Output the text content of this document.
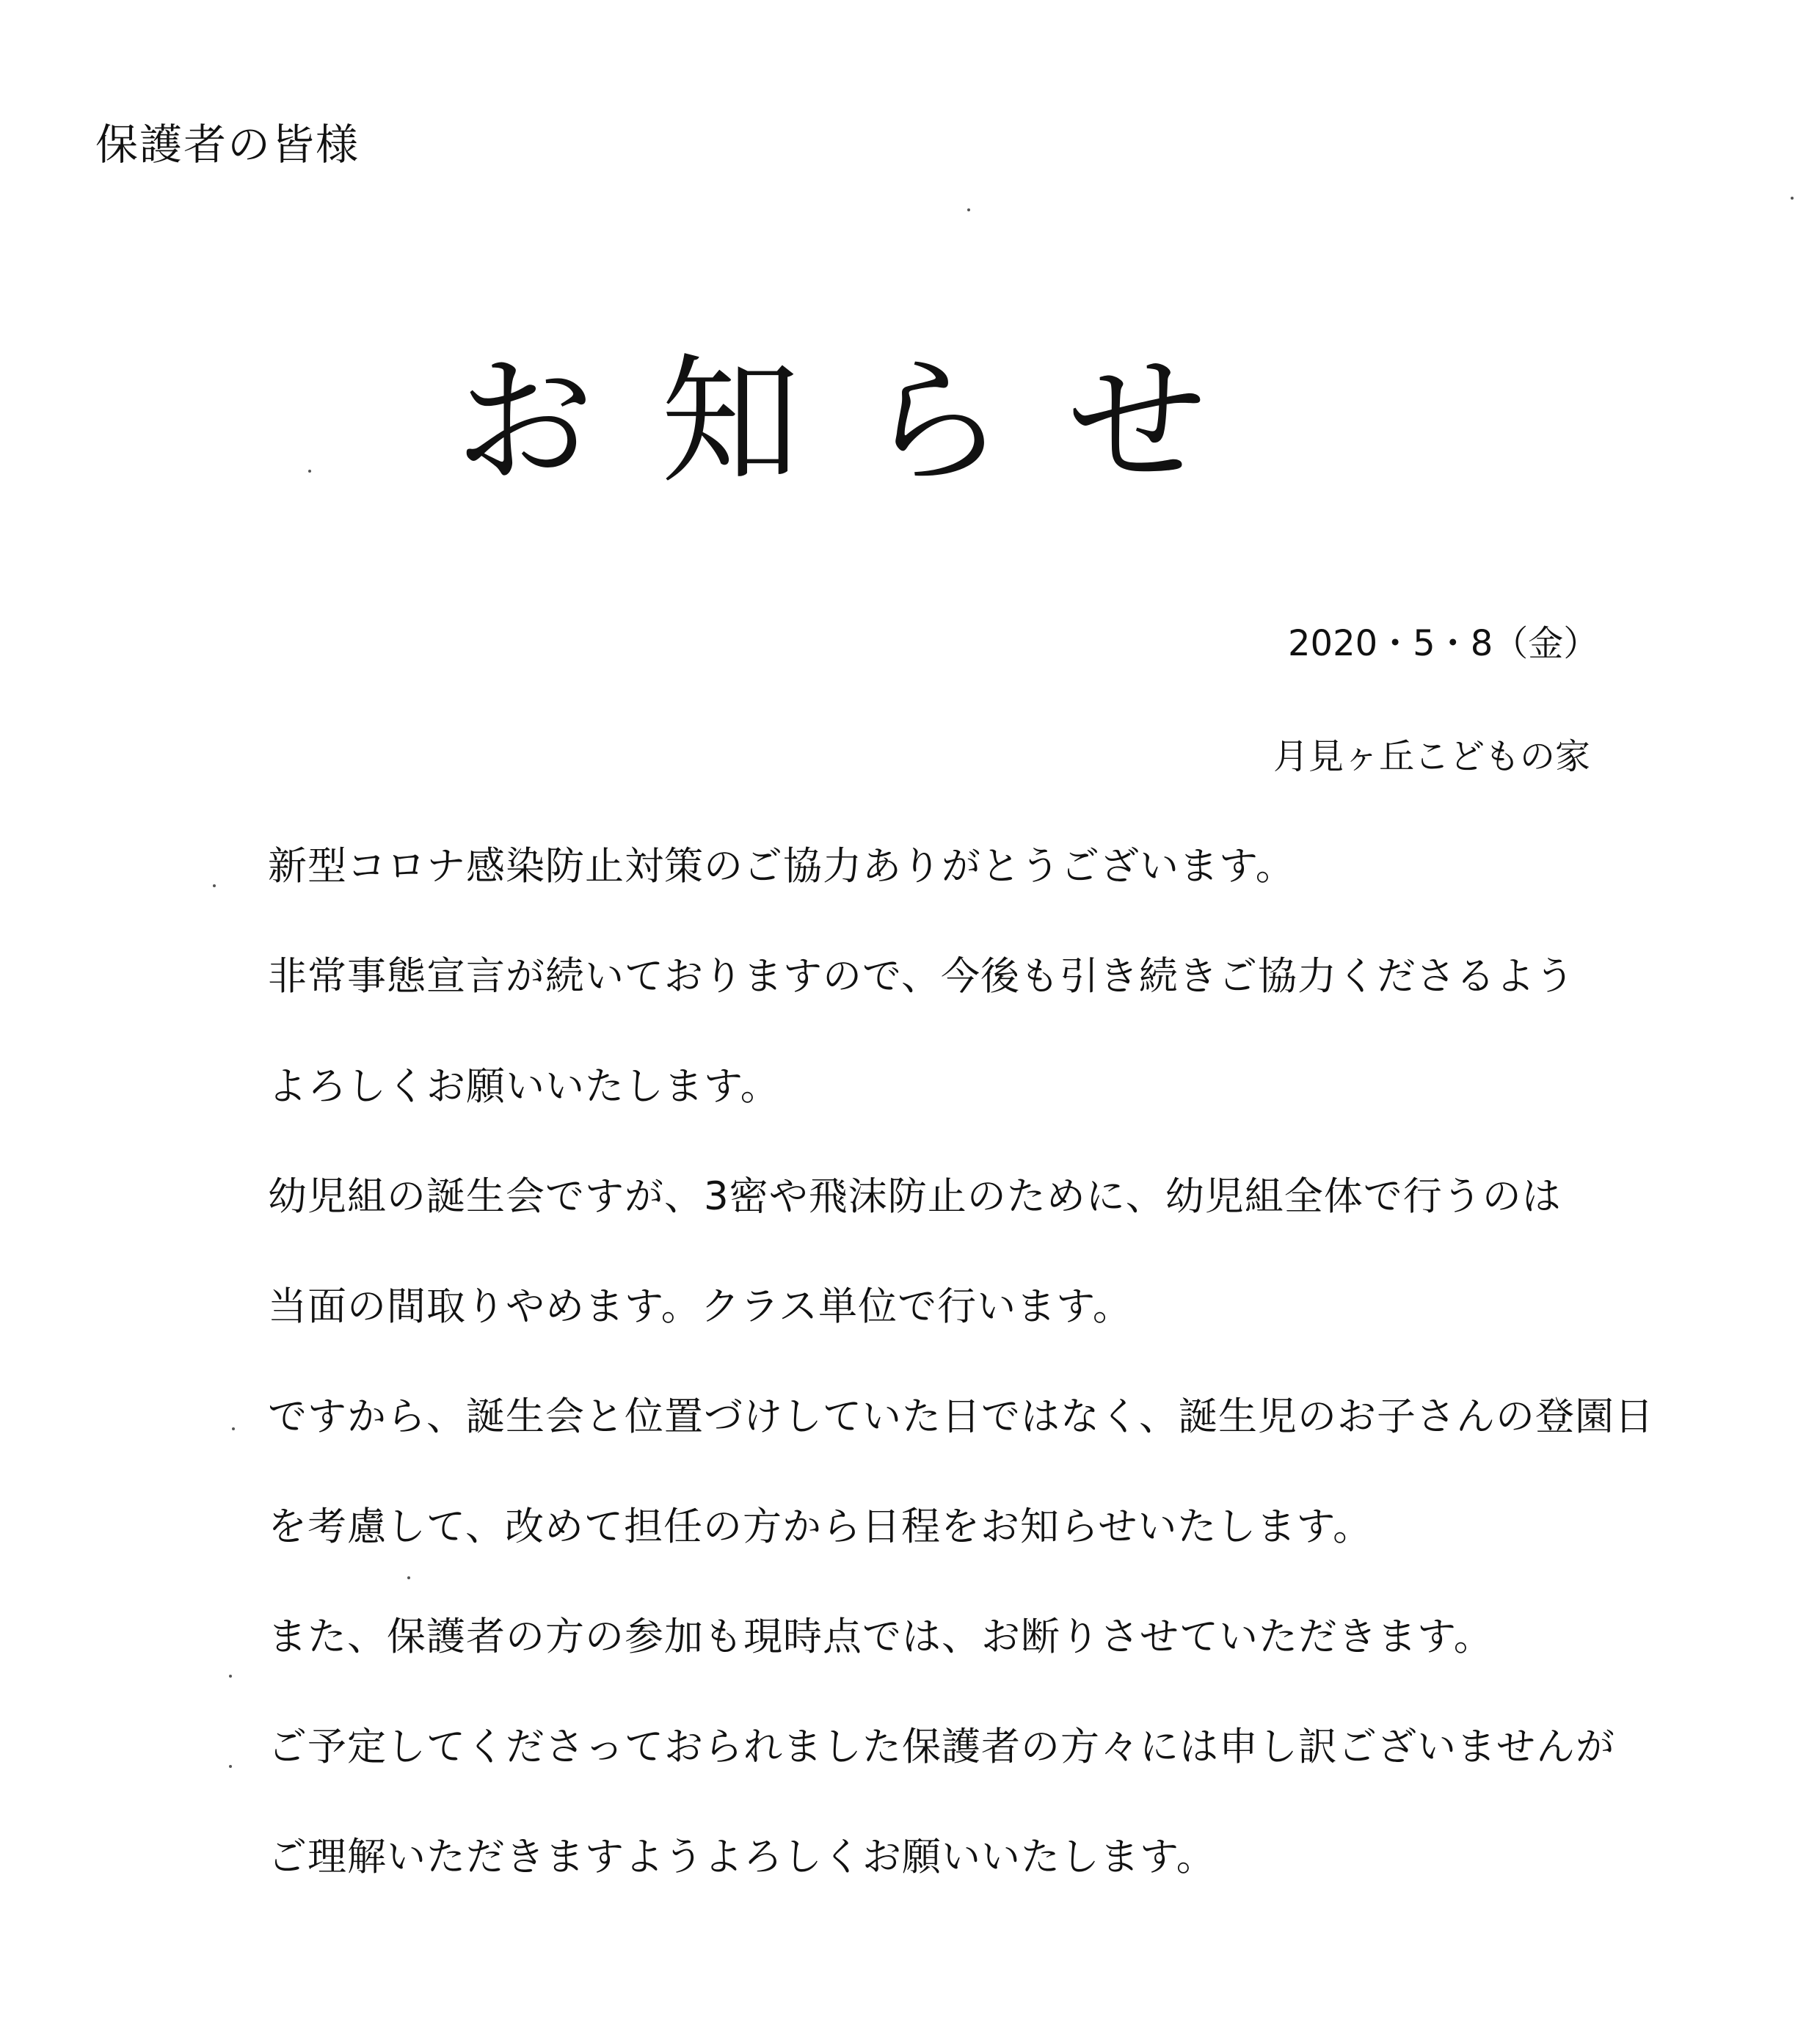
保護者の皆様
お知らせ
2020・5・8（金）
月見ヶ丘こどもの家
新型コロナ感染防止対策のご協力ありがとうございます。
非常事態宣言が続いておりますので、今後も引き続きご協力くださるよう
よろしくお願いいたします。
幼児組の誕生会ですが、3密や飛沫防止のために、幼児組全体で行うのは
当面の間取りやめます。クラス単位で行います。
ですから、誕生会と位置づけしていた日ではなく、誕生児のお子さんの登園日
を考慮して、改めて担任の方から日程をお知らせいたします。
また、保護者の方の参加も現時点では、お断りさせていただきます。
ご予定してくださっておられました保護者の方々には申し訳ございませんが
ご理解いただきますようよろしくお願いいたします。
